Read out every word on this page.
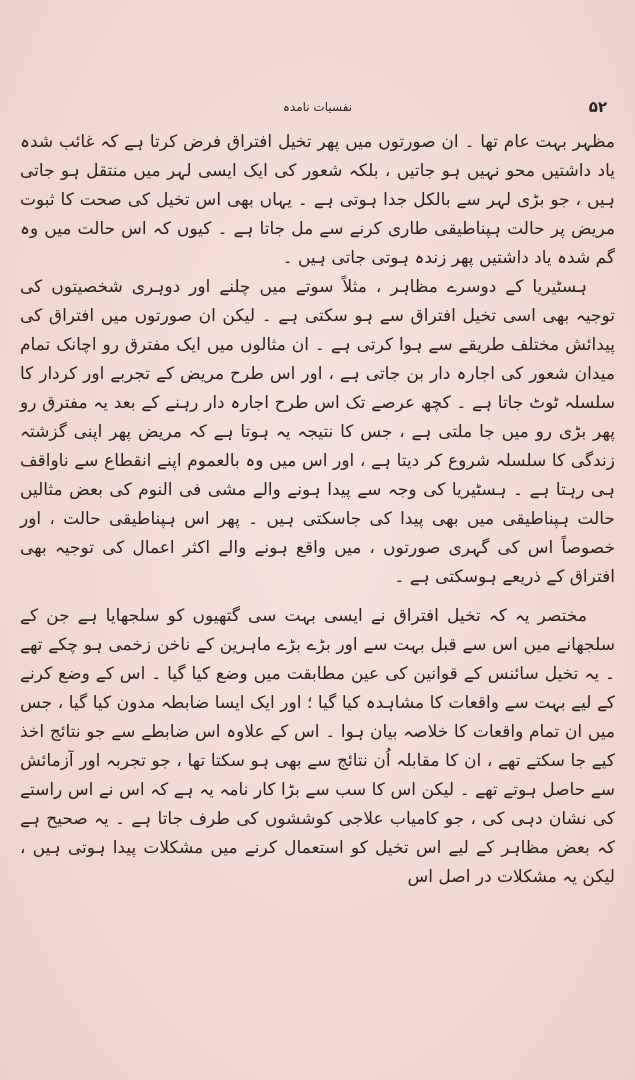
نفسیات نامدہ	۵۲

مظہر بہت عام تھا ۔ ان صورتوں میں پھر تخیل افتراق فرض کرتا ہے کہ غائب شدہ یاد داشتیں محو نہیں ہو جاتیں ، بلکہ شعور کی ایک ایسی لہر میں منتقل ہو جاتی ہیں ، جو بڑی لہر سے بالکل جدا ہوتی ہے ۔ یہاں بھی اس تخیل کی صحت کا ثبوت مریض پر حالت ہپناطیقی طاری کرنے سے مل جاتا ہے ۔ کیوں کہ اس حالت میں وہ گم شدہ یاد داشتیں پھر زندہ ہوتی جاتی ہیں ۔

ہسٹیریا کے دوسرے مظاہر ، مثلاً سوتے میں چلنے اور دوہری شخصیتوں کی توجیہ بھی اسی تخیل افتراق سے ہو سکتی ہے ۔ لیکن ان صورتوں میں افتراق کی پیدائش مختلف طریقے سے ہوا کرتی ہے ۔ ان مثالوں میں ایک مفترق رو اچانک تمام میدان شعور کی اجارہ دار بن جاتی ہے ، اور اس طرح مریض کے تجربے اور کردار کا سلسلہ ٹوٹ جاتا ہے ۔ کچھ عرصے تک اس طرح اجارہ دار رہنے کے بعد یہ مفترق رو پھر بڑی رو میں جا ملتی ہے ، جس کا نتیجہ یہ ہوتا ہے کہ مریض پھر اپنی گزشتہ زندگی کا سلسلہ شروع کر دیتا ہے ، اور اس میں وہ بالعموم اپنے انقطاع سے ناواقف ہی رہتا ہے ۔ ہسٹیریا کی وجہ سے پیدا ہونے والے مشی فی النوم کی بعض مثالیں حالت ہپناطیقی میں بھی پیدا کی جاسکتی ہیں ۔ پھر اس ہپناطیقی حالت ، اور خصوصاً اس کی گہری صورتوں ، میں واقع ہونے والے اکثر اعمال کی توجیہ بھی افتراق کے ذریعے ہوسکتی ہے ۔

مختصر یہ کہ تخیل افتراق نے ایسی بہت سی گتھیوں کو سلجھایا ہے جن کے سلجھانے میں اس سے قبل بہت سے اور بڑے بڑے ماہرین کے ناخن زخمی ہو چکے تھے ۔ یہ تخیل سائنس کے قوانین کی عین مطابقت میں وضع کیا گیا ۔ اس کے وضع کرنے کے لیے بہت سے واقعات کا مشاہدہ کیا گیا ؛ اور ایک ایسا ضابطہ مدون کیا گیا ، جس میں ان تمام واقعات کا خلاصہ بیان ہوا ۔ اس کے علاوہ اس ضابطے سے جو نتائج اخذ کیے جا سکتے تھے ، ان کا مقابلہ اُن نتائج سے بھی ہو سکتا تھا ، جو تجربہ اور آزمائش سے حاصل ہوتے تھے ۔ لیکن اس کا سب سے بڑا کار نامہ یہ ہے کہ اس نے اس راستے کی نشان دہی کی ، جو کامیاب علاجی کوششوں کی طرف جاتا ہے ۔ یہ صحیح ہے کہ بعض مظاہر کے لیے اس تخیل کو استعمال کرنے میں مشکلات پیدا ہوتی ہیں ، لیکن یہ مشکلات در اصل اس
